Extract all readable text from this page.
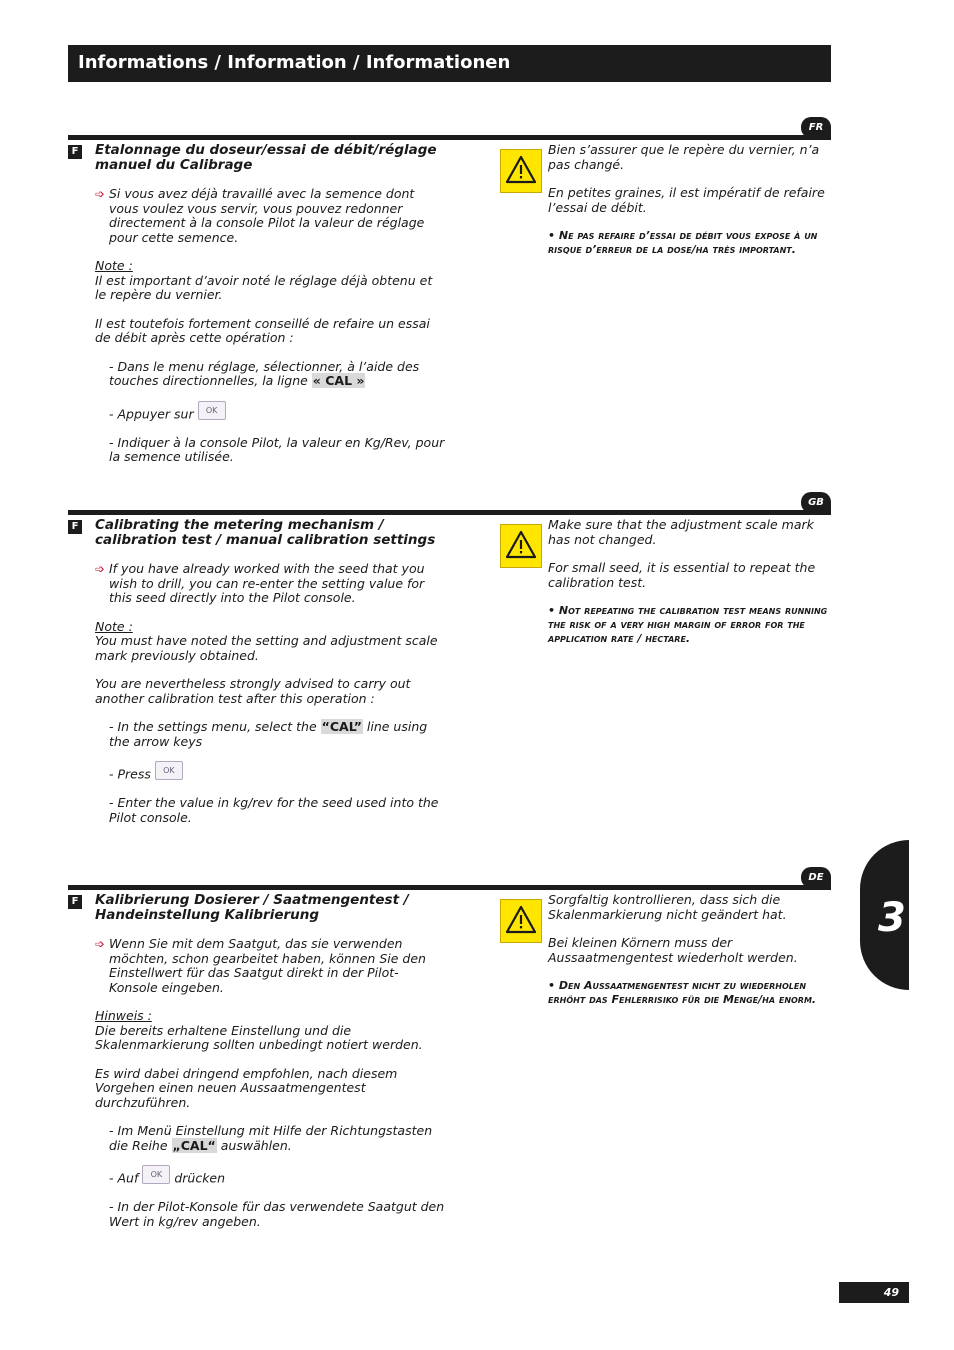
Informations / Information / Informationen
FR
F Etalonnage du doseur/essai de débit/réglage manuel du Calibrage
➩ Si vous avez déjà travaillé avec la semence dont vous voulez vous servir, vous pouvez redonner directement à la console Pilot la valeur de réglage pour cette semence.
Note :

Il est important d’avoir noté le réglage déjà obtenu et le repère du vernier.

Il est toutefois fortement conseillé de refaire un essai de débit après cette opération :

- Dans le menu réglage, sélectionner, à l’aide des touches directionnelles, la ligne « CAL »
- Appuyer sur OK
- Indiquer à la console Pilot, la valeur en Kg/Rev, pour la semence utilisée.

Bien s’assurer que le repère du vernier, n’a pas changé.

En petites graines, il est impératif de refaire l’essai de débit.

• Ne pas refaire d’essai de débit vous expose à un risque d’erreur de la dose/ha très important.

GB
F Calibrating the metering mechanism / calibration test / manual calibration settings
➩ If you have already worked with the seed that you wish to drill, you can re-enter the setting value for this seed directly into the Pilot console.
Note :

You must have noted the setting and adjustment scale mark previously obtained.

You are nevertheless strongly advised to carry out another calibration test after this operation :

- In the settings menu, select the “CAL” line using the arrow keys
- Press OK
- Enter the value in kg/rev for the seed used into the Pilot console.

Make sure that the adjustment scale mark has not changed.

For small seed, it is essential to repeat the calibration test.

• Not repeating the calibration test means running the risk of a very high margin of error for the application rate / hectare.

DE
F Kalibrierung Dosierer / Saatmengentest / Handeinstellung Kalibrierung
➩ Wenn Sie mit dem Saatgut, das sie verwenden möchten, schon gearbeitet haben, können Sie den Einstellwert für das Saatgut direkt in der Pilot-Konsole eingeben.
Hinweis :

Die bereits erhaltene Einstellung und die Skalenmarkierung sollten unbedingt notiert werden.

Es wird dabei dringend empfohlen, nach diesem Vorgehen einen neuen Aussaatmengentest durchzuführen.

- Im Menü Einstellung mit Hilfe der Richtungstasten die Reihe „CAL“ auswählen.
- Auf OK drücken
- In der Pilot-Konsole für das verwendete Saatgut den Wert in kg/rev angeben.

Sorgfaltig kontrollieren, dass sich die Skalenmarkierung nicht geändert hat.

Bei kleinen Körnern muss der Aussaatmengentest wiederholt werden.

• Den Aussaatmengentest nicht zu wiederholen erhöht das Fehlerrisiko für die Menge/ha enorm.

3
49
